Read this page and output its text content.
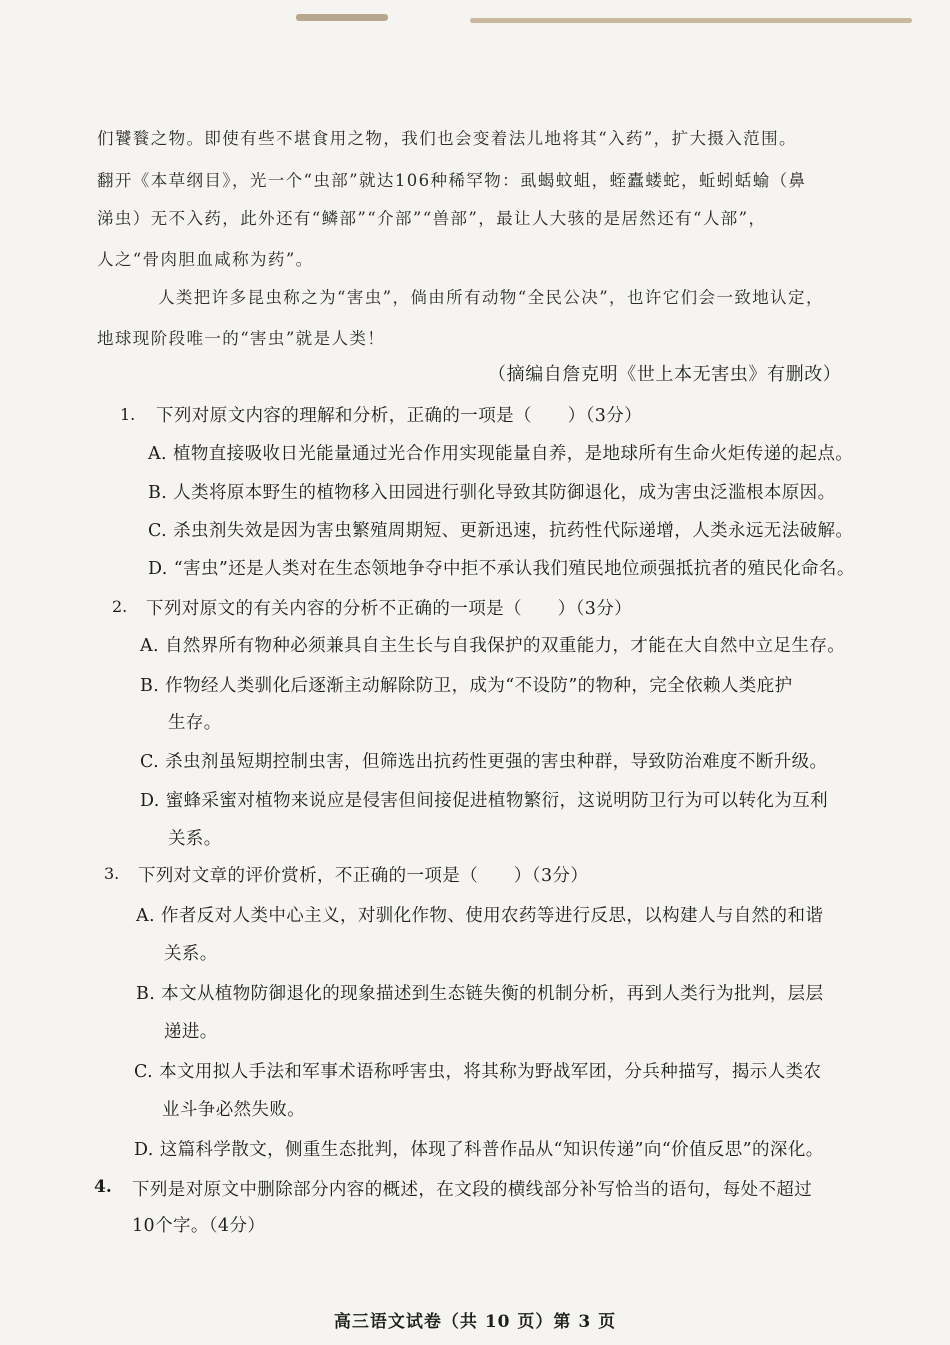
们饕餮之物。即使有些不堪食用之物，我们也会变着法儿地将其“入药”，扩大摄入范围。
翻开《本草纲目》，光一个“虫部”就达106种稀罕物：虱蝎蚊蛆，蛭蠹蝼蛇，蚯蚓蛞蝓（鼻
涕虫）无不入药，此外还有“鳞部”“介部”“兽部”，最让人大骇的是居然还有“人部”，
人之“骨肉胆血咸称为药”。
人类把许多昆虫称之为“害虫”，倘由所有动物“全民公决”，也许它们会一致地认定，
地球现阶段唯一的“害虫”就是人类！
（摘编自詹克明《世上本无害虫》有删改）
1. 下列对原文内容的理解和分析，正确的一项是（　　）（3分）
A. 植物直接吸收日光能量通过光合作用实现能量自养，是地球所有生命火炬传递的起点。
B. 人类将原本野生的植物移入田园进行驯化导致其防御退化，成为害虫泛滥根本原因。
C. 杀虫剂失效是因为害虫繁殖周期短、更新迅速，抗药性代际递增，人类永远无法破解。
D. “害虫”还是人类对在生态领地争夺中拒不承认我们殖民地位顽强抵抗者的殖民化命名。
2. 下列对原文的有关内容的分析不正确的一项是（　　）（3分）
A. 自然界所有物种必须兼具自主生长与自我保护的双重能力，才能在大自然中立足生存。
B. 作物经人类驯化后逐渐主动解除防卫，成为“不设防”的物种，完全依赖人类庇护
生存。
C. 杀虫剂虽短期控制虫害，但筛选出抗药性更强的害虫种群，导致防治难度不断升级。
D. 蜜蜂采蜜对植物来说应是侵害但间接促进植物繁衍，这说明防卫行为可以转化为互利
关系。
3. 下列对文章的评价赏析，不正确的一项是（　　）（3分）
A. 作者反对人类中心主义，对驯化作物、使用农药等进行反思，以构建人与自然的和谐
关系。
B. 本文从植物防御退化的现象描述到生态链失衡的机制分析，再到人类行为批判，层层
递进。
C. 本文用拟人手法和军事术语称呼害虫，将其称为野战军团，分兵种描写，揭示人类农
业斗争必然失败。
D. 这篇科学散文，侧重生态批判，体现了科普作品从“知识传递”向“价值反思”的深化。
4. 下列是对原文中删除部分内容的概述，在文段的横线部分补写恰当的语句，每处不超过
10个字。（4分）
高三语文试卷（共 10 页）第 3 页
